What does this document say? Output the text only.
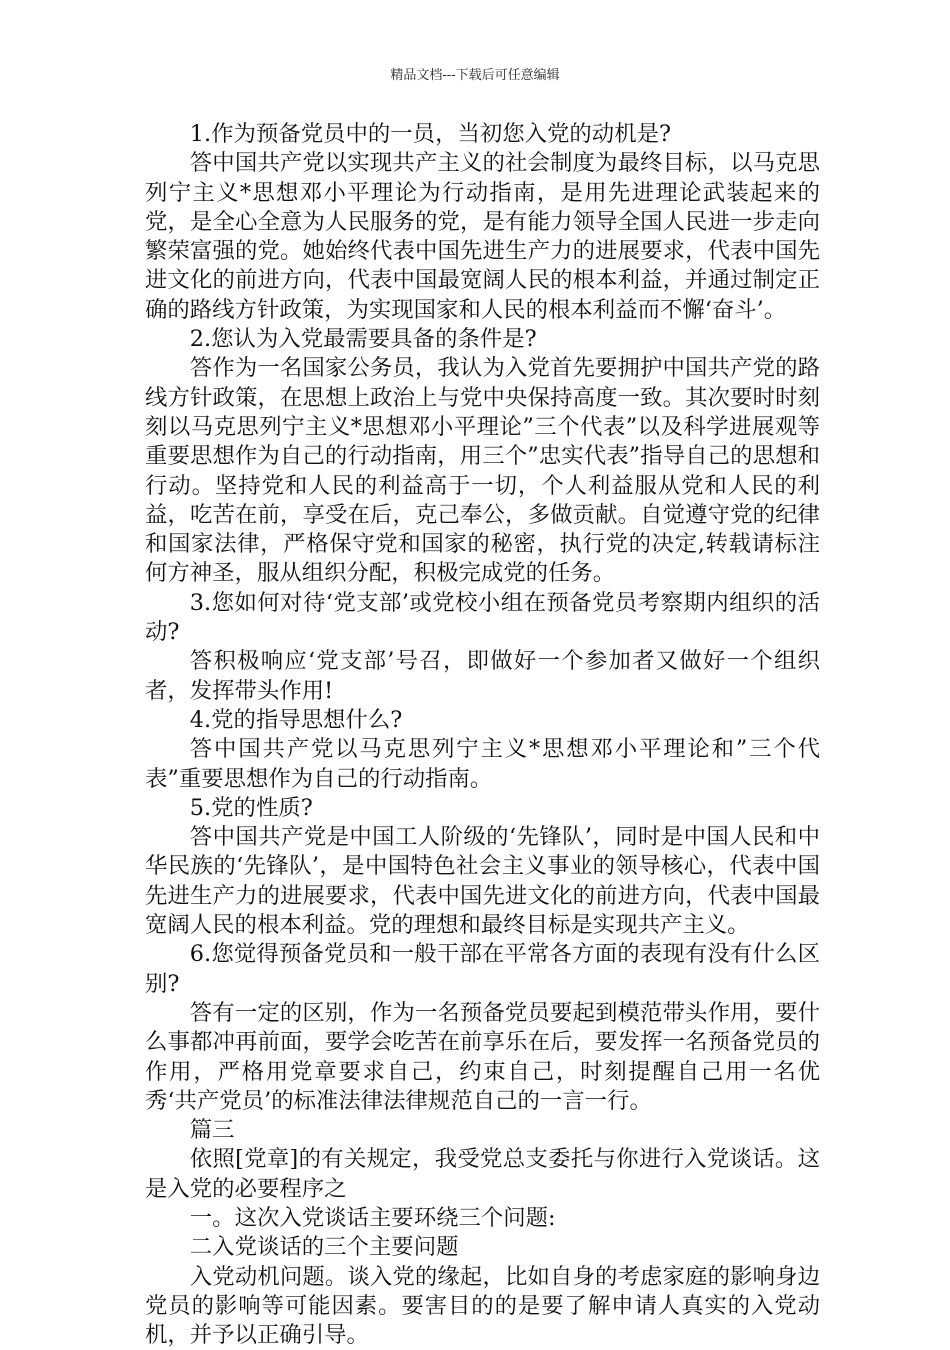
精品文档---下载后可任意编辑

1.作为预备党员中的一员，当初您入党的动机是?

答中国共产党以实现共产主义的社会制度为最终目标，以马克思列宁主义*思想邓小平理论为行动指南，是用先进理论武装起来的党，是全心全意为人民服务的党，是有能力领导全国人民进一步走向繁荣富强的党。她始终代表中国先进生产力的进展要求，代表中国先进文化的前进方向，代表中国最宽阔人民的根本利益，并通过制定正确的路线方针政策，为实现国家和人民的根本利益而不懈‘奋斗’。

2.您认为入党最需要具备的条件是?

答作为一名国家公务员，我认为入党首先要拥护中国共产党的路线方针政策，在思想上政治上与党中央保持高度一致。其次要时时刻刻以马克思列宁主义*思想邓小平理论”三个代表”以及科学进展观等重要思想作为自己的行动指南，用三个”忠实代表”指导自己的思想和行动。坚持党和人民的利益高于一切，个人利益服从党和人民的利益，吃苦在前，享受在后，克己奉公，多做贡献。自觉遵守党的纪律和国家法律，严格保守党和国家的秘密，执行党的决定,转载请标注何方神圣，服从组织分配，积极完成党的任务。

3.您如何对待‘党支部’或党校小组在预备党员考察期内组织的活动?

答积极响应‘党支部’号召，即做好一个参加者又做好一个组织者，发挥带头作用!

4.党的指导思想什么?

答中国共产党以马克思列宁主义*思想邓小平理论和”三个代表”重要思想作为自己的行动指南。

5.党的性质?

答中国共产党是中国工人阶级的‘先锋队’，同时是中国人民和中华民族的‘先锋队’，是中国特色社会主义事业的领导核心，代表中国先进生产力的进展要求，代表中国先进文化的前进方向，代表中国最宽阔人民的根本利益。党的理想和最终目标是实现共产主义。

6.您觉得预备党员和一般干部在平常各方面的表现有没有什么区别?

答有一定的区别，作为一名预备党员要起到模范带头作用，要什么事都冲再前面，要学会吃苦在前享乐在后，要发挥一名预备党员的作用，严格用党章要求自己，约束自己，时刻提醒自己用一名优秀‘共产党员’的标准法律法律规范自己的一言一行。

篇三

依照[党章]的有关规定，我受党总支委托与你进行入党谈话。这是入党的必要程序之

一。这次入党谈话主要环绕三个问题:

二入党谈话的三个主要问题

入党动机问题。谈入党的缘起，比如自身的考虑家庭的影响身边党员的影响等可能因素。要害目的的是要了解申请人真实的入党动机，并予以正确引导。
